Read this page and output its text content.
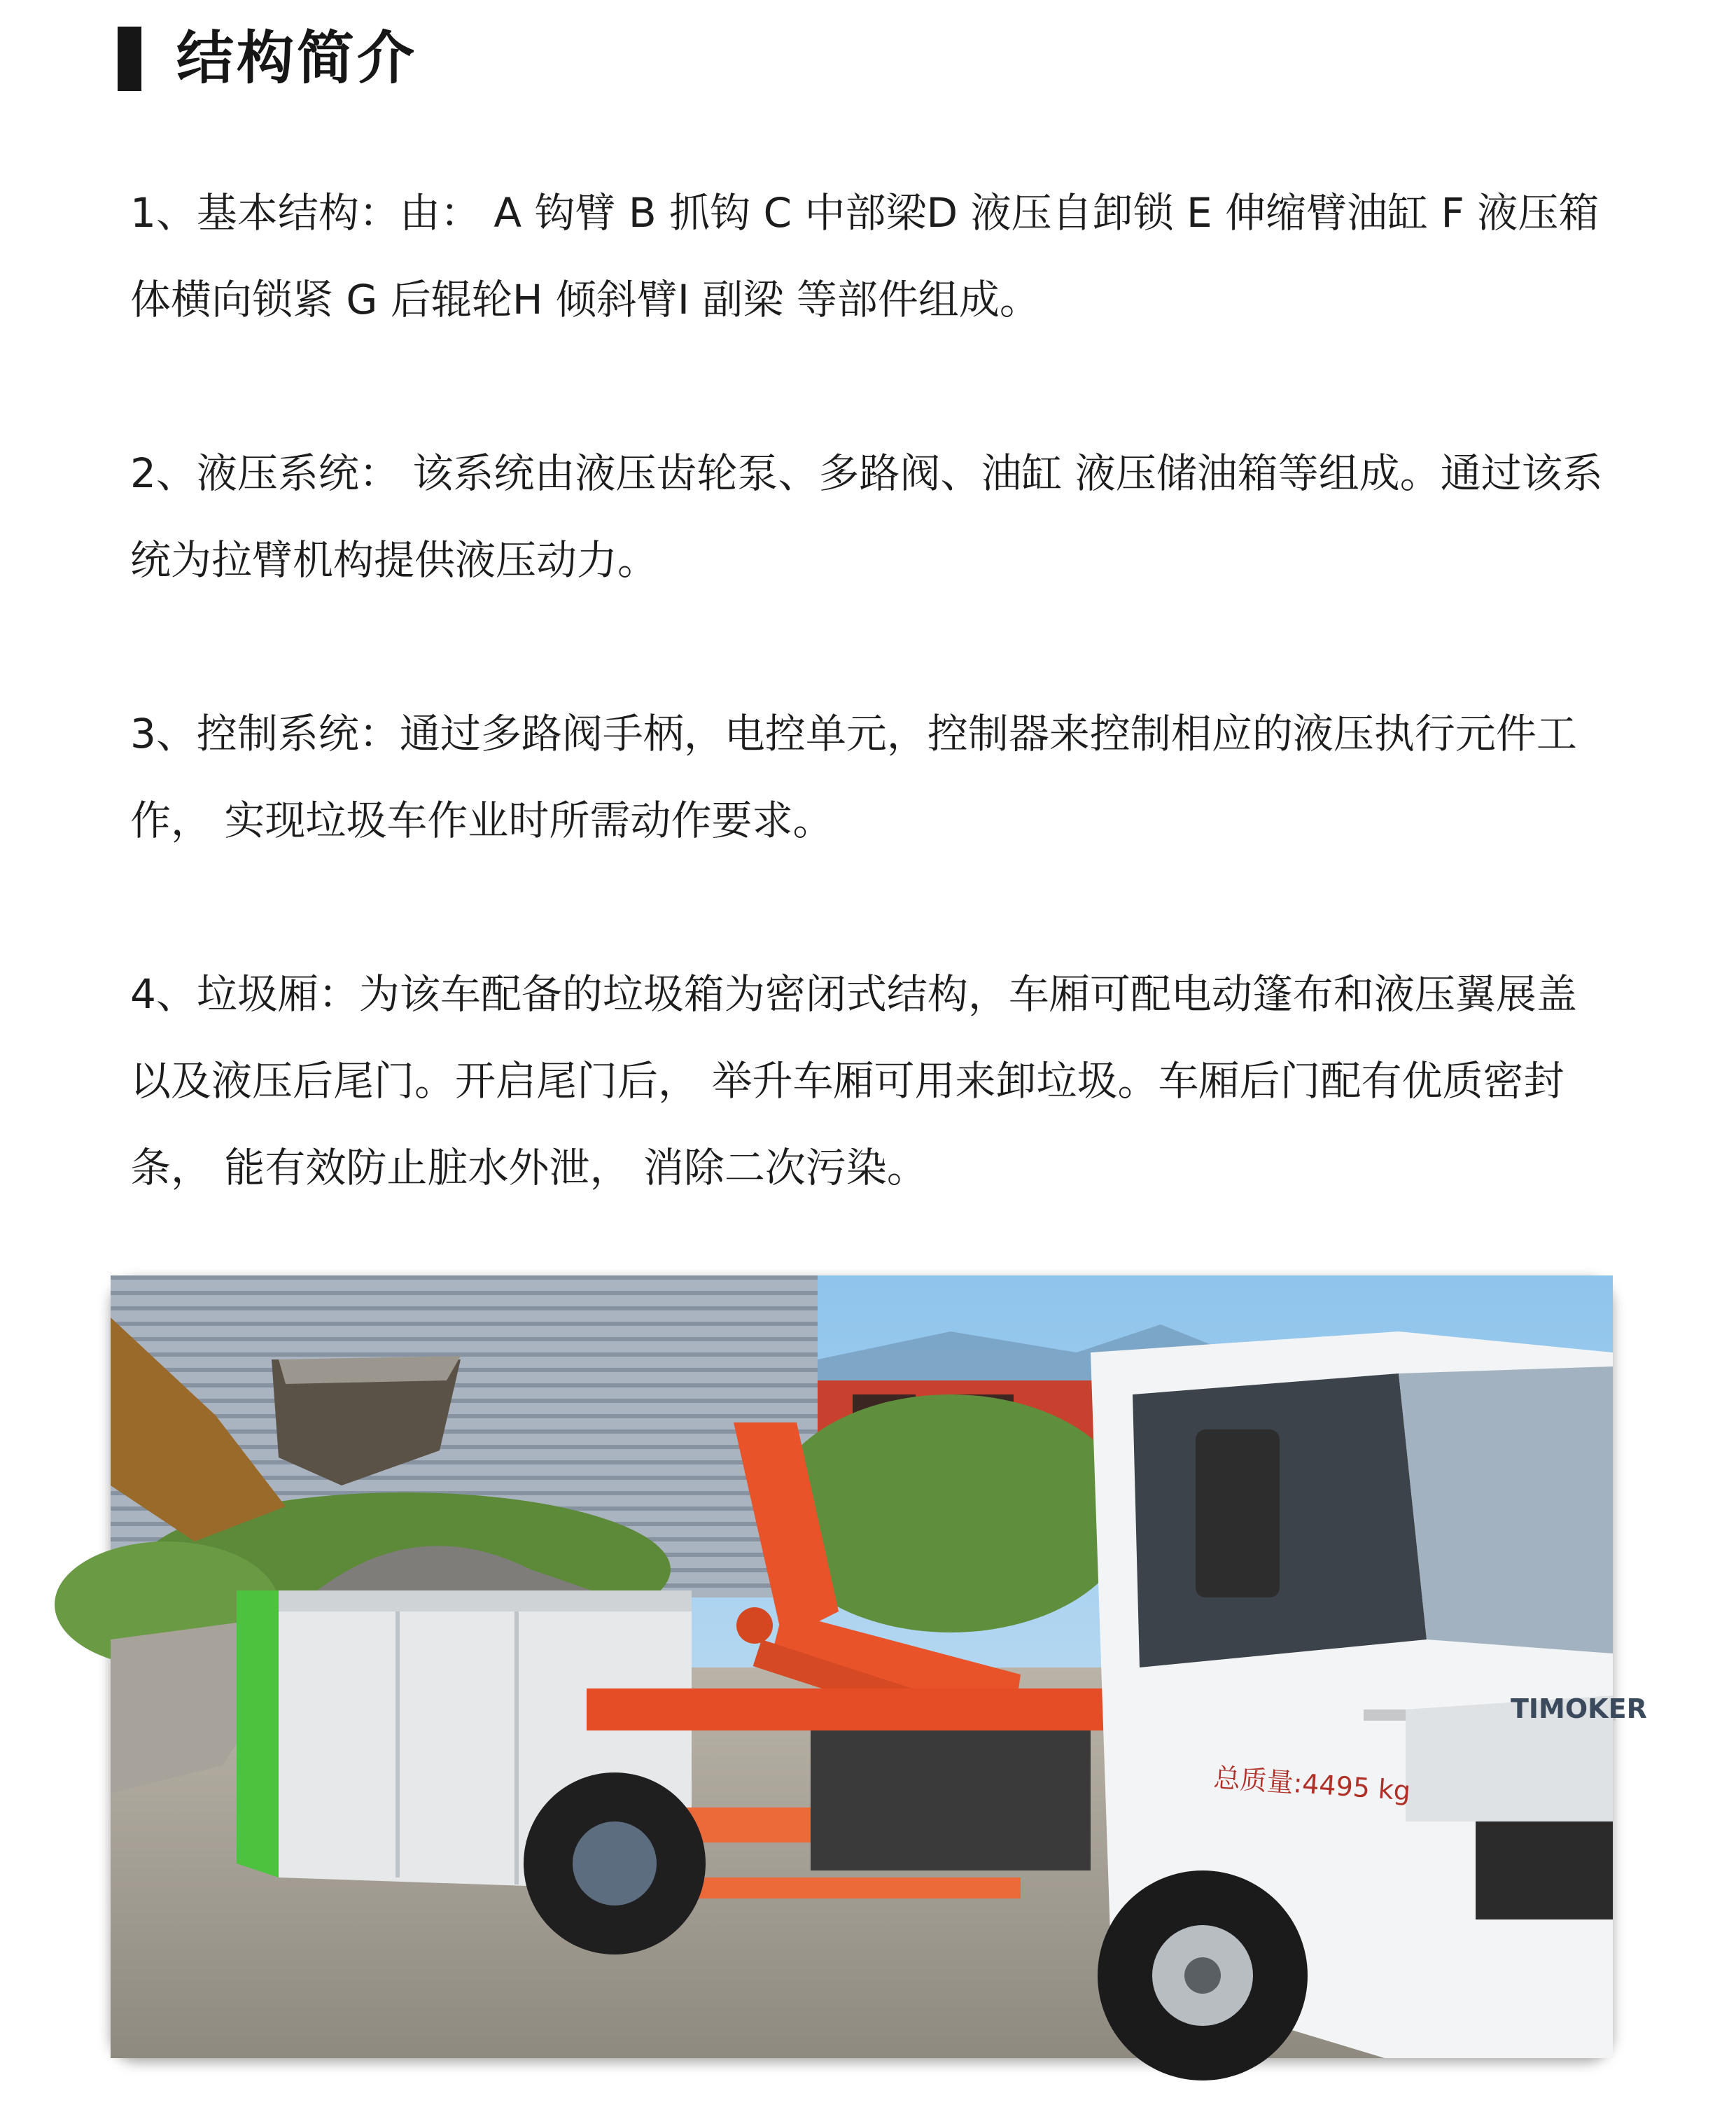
结构简介

1、基本结构：由： A 钩臂 B 抓钩 C 中部梁D 液压自卸锁 E 伸缩臂油缸 F 液压箱体横向锁紧 G 后辊轮H 倾斜臂I 副梁 等部件组成。

2、液压系统： 该系统由液压齿轮泵、多路阀、油缸 液压储油箱等组成。通过该系统为拉臂机构提供液压动力。

3、控制系统：通过多路阀手柄，电控单元，控制器来控制相应的液压执行元件工作， 实现垃圾车作业时所需动作要求。

4、垃圾厢：为该车配备的垃圾箱为密闭式结构，车厢可配电动篷布和液压翼展盖以及液压后尾门。开启尾门后， 举升车厢可用来卸垃圾。车厢后门配有优质密封条， 能有效防止脏水外泄， 消除二次污染。

TIMOKER
总质量:4495 kg
